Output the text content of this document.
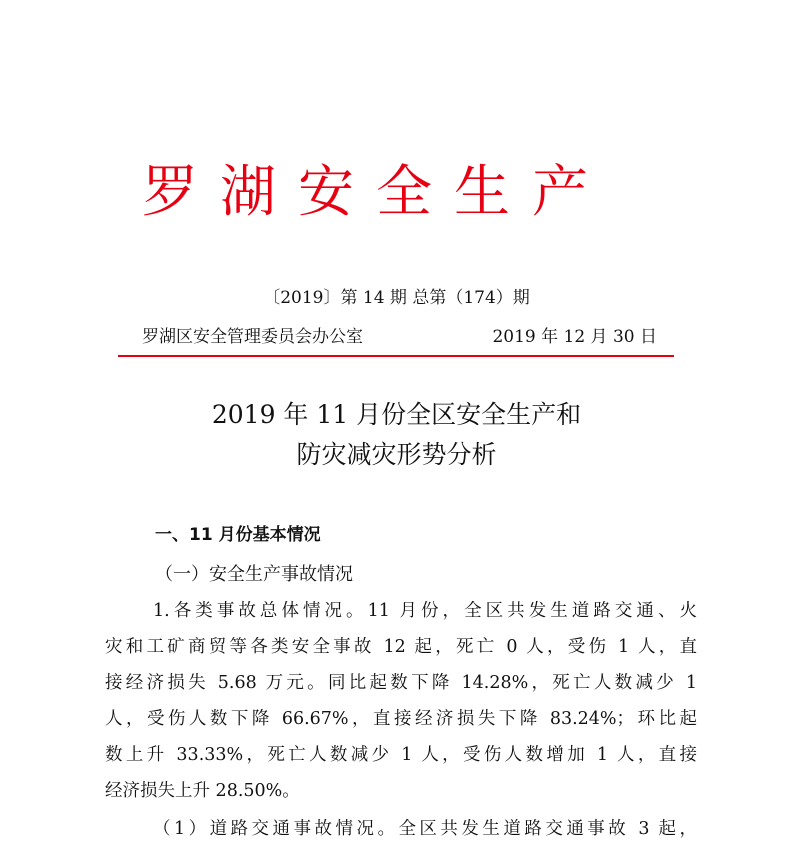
罗湖安全生产
〔2019〕第 14 期 总第（174）期
罗湖区安全管理委员会办公室	2019 年 12 月 30 日
2019 年 11 月份全区安全生产和
防灾减灾形势分析
一、11 月份基本情况
（一）安全生产事故情况
1.各类事故总体情况。11 月份，全区共发生道路交通、火
灾和工矿商贸等各类安全事故 12 起，死亡 0 人，受伤 1 人，直
接经济损失 5.68 万元。同比起数下降 14.28%，死亡人数减少 1
人，受伤人数下降 66.67%，直接经济损失下降 83.24%；环比起
数上升 33.33%，死亡人数减少 1 人，受伤人数增加 1 人，直接
经济损失上升 28.50%。
（1）道路交通事故情况。全区共发生道路交通事故 3 起，
